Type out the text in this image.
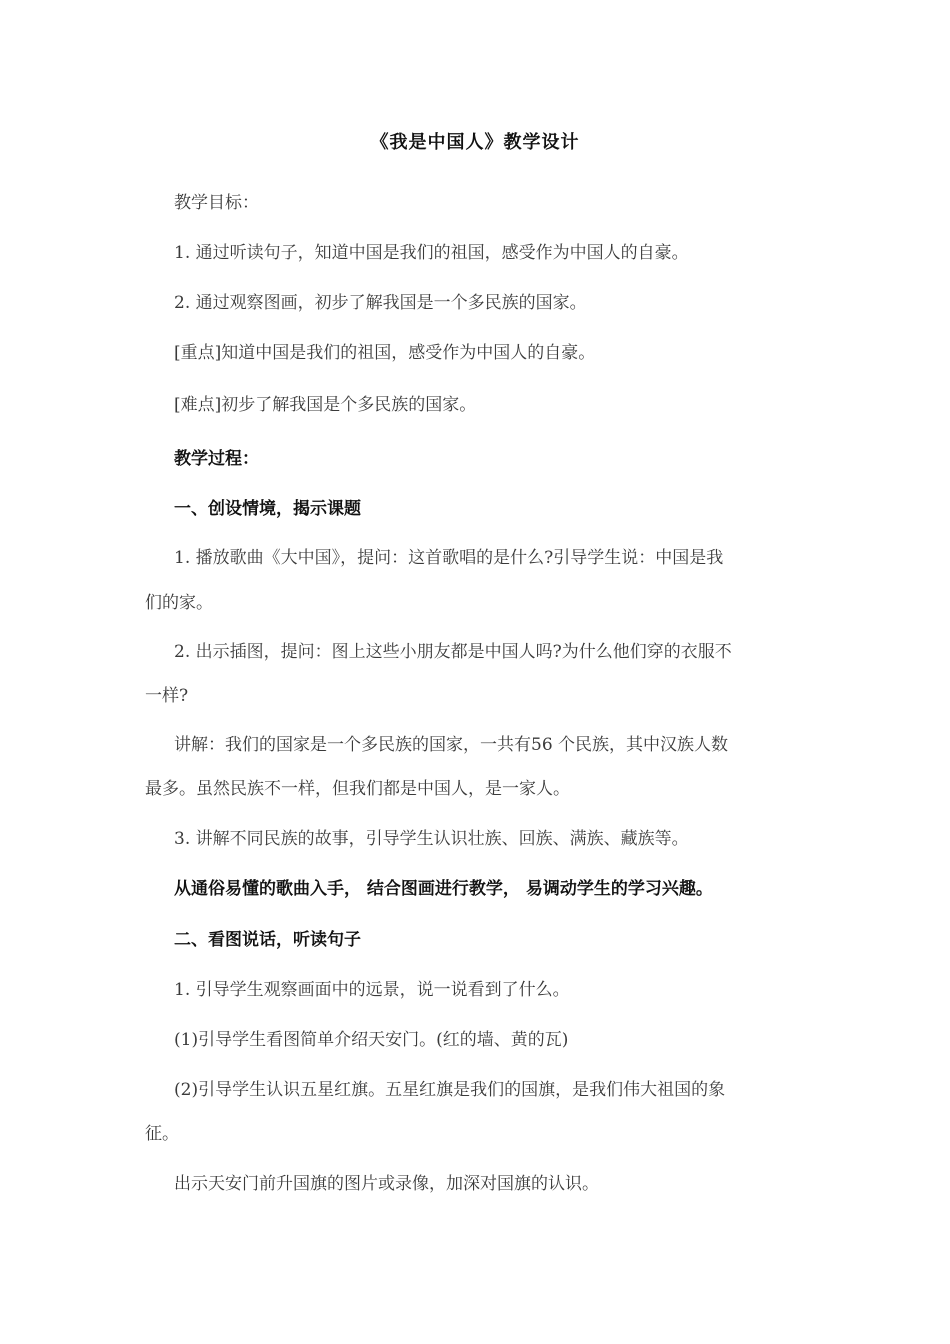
《我是中国人》教学设计
教学目标：
1. 通过听读句子，知道中国是我们的祖国，感受作为中国人的自豪。
2. 通过观察图画，初步了解我国是一个多民族的国家。
[重点]知道中国是我们的祖国，感受作为中国人的自豪。
[难点]初步了解我国是个多民族的国家。
教学过程：
一、创设情境，揭示课题
1. 播放歌曲《大中国》，提问：这首歌唱的是什么?引导学生说：中国是我
们的家。
2. 出示插图，提问：图上这些小朋友都是中国人吗?为什么他们穿的衣服不
一样?
讲解：我们的国家是一个多民族的国家，一共有56 个民族，其中汉族人数
最多。虽然民族不一样，但我们都是中国人，是一家人。
3. 讲解不同民族的故事，引导学生认识壮族、回族、满族、藏族等。
从通俗易懂的歌曲入手， 结合图画进行教学， 易调动学生的学习兴趣。
二、看图说话，听读句子
1. 引导学生观察画面中的远景，说一说看到了什么。
(1)引导学生看图简单介绍天安门。(红的墙、黄的瓦)
(2)引导学生认识五星红旗。五星红旗是我们的国旗，是我们伟大祖国的象
征。
出示天安门前升国旗的图片或录像，加深对国旗的认识。
